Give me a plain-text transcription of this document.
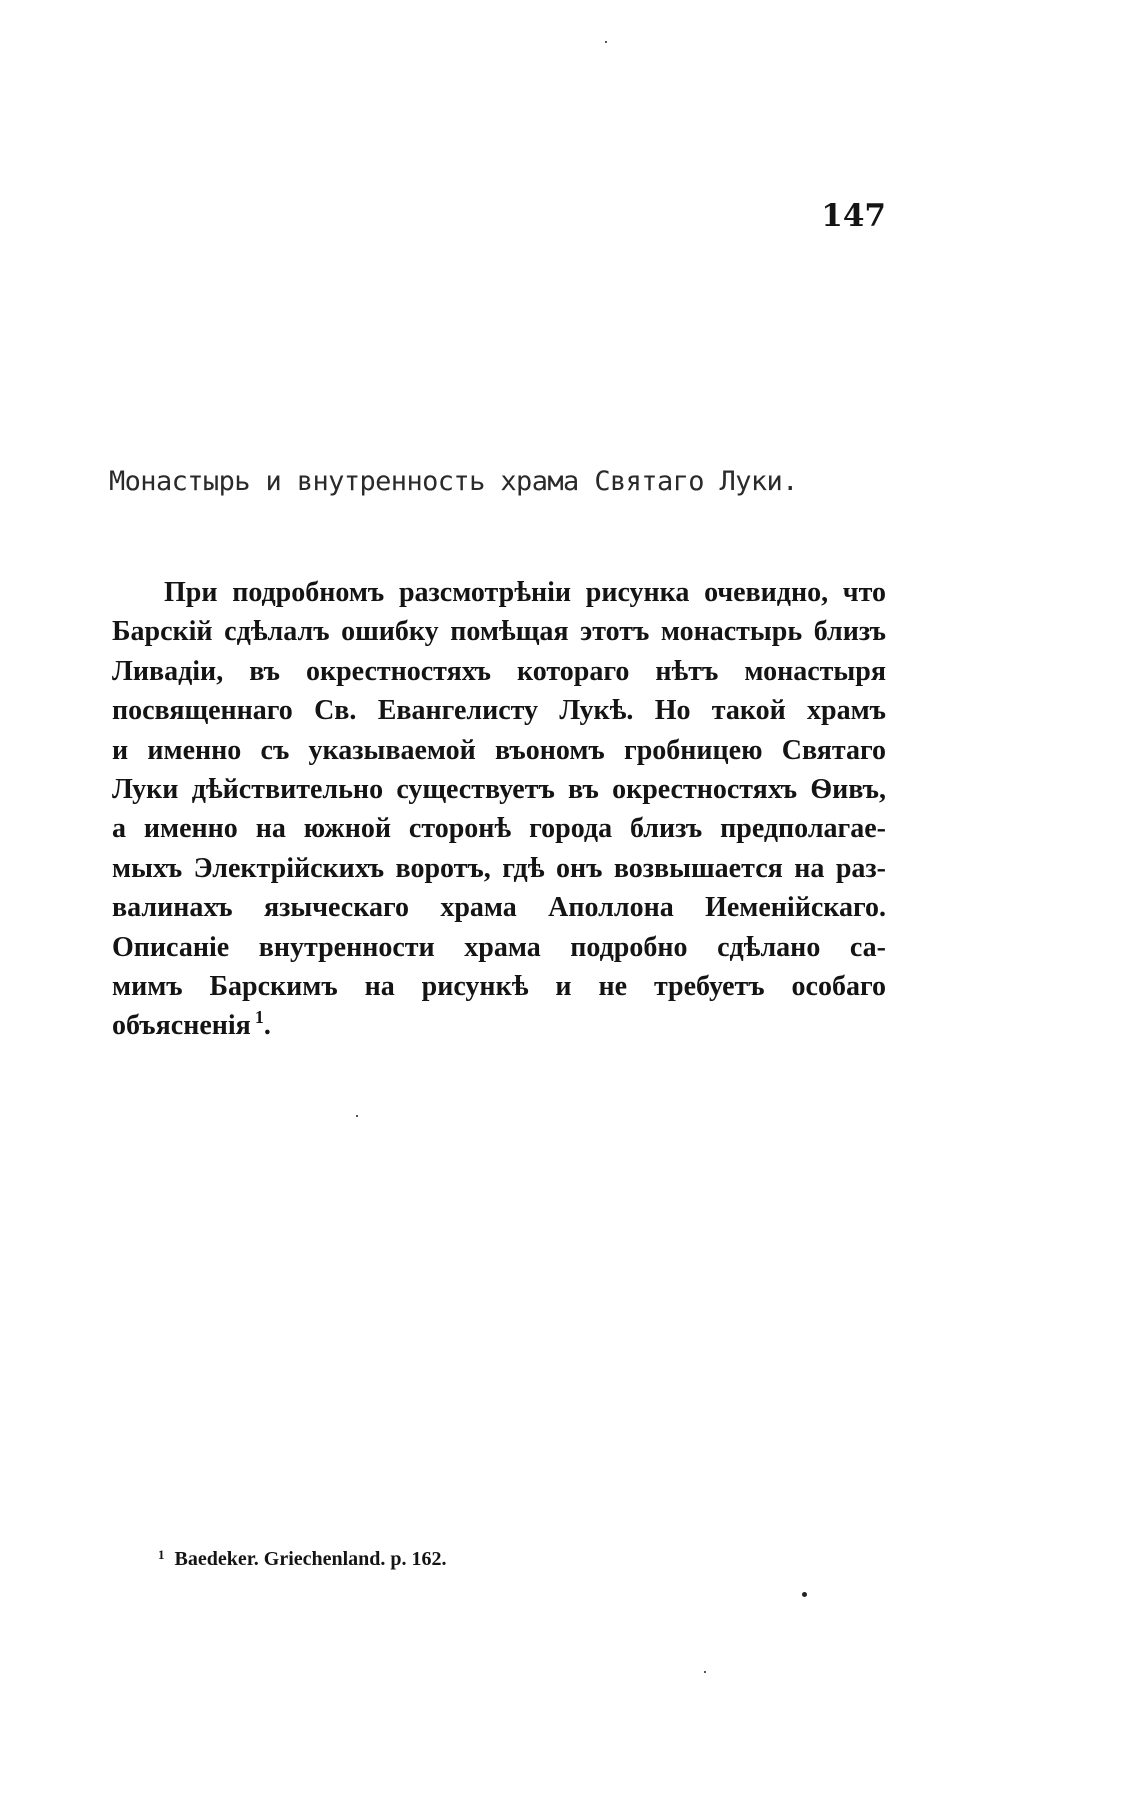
147
Монастырь и внутренность храма Святаго Луки.
При подробномъ разсмотрѣніи рисунка очевидно, что
Барскій сдѣлалъ ошибку помѣщая этотъ монастырь близъ
Ливадіи, въ окрестностяхъ котораго нѣтъ монастыря
посвященнаго Св. Евангелисту Лукѣ. Но такой храмъ
и именно съ указываемой въономъ гробницею Святаго
Луки дѣйствительно существуетъ въ окрестностяхъ Ѳивъ,
а именно на южной сторонѣ города близъ предполагае-
мыхъ Электрійскихъ воротъ, гдѣ онъ возвышается на раз-
валинахъ языческаго храма Аполлона Иеменійскаго.
Описаніе внутренности храма подробно сдѣлано са-
мимъ Барскимъ на рисункѣ и не требуетъ особаго
объясненія $^1$.
$^1$ Baedeker. Griechenland. p. 162.
